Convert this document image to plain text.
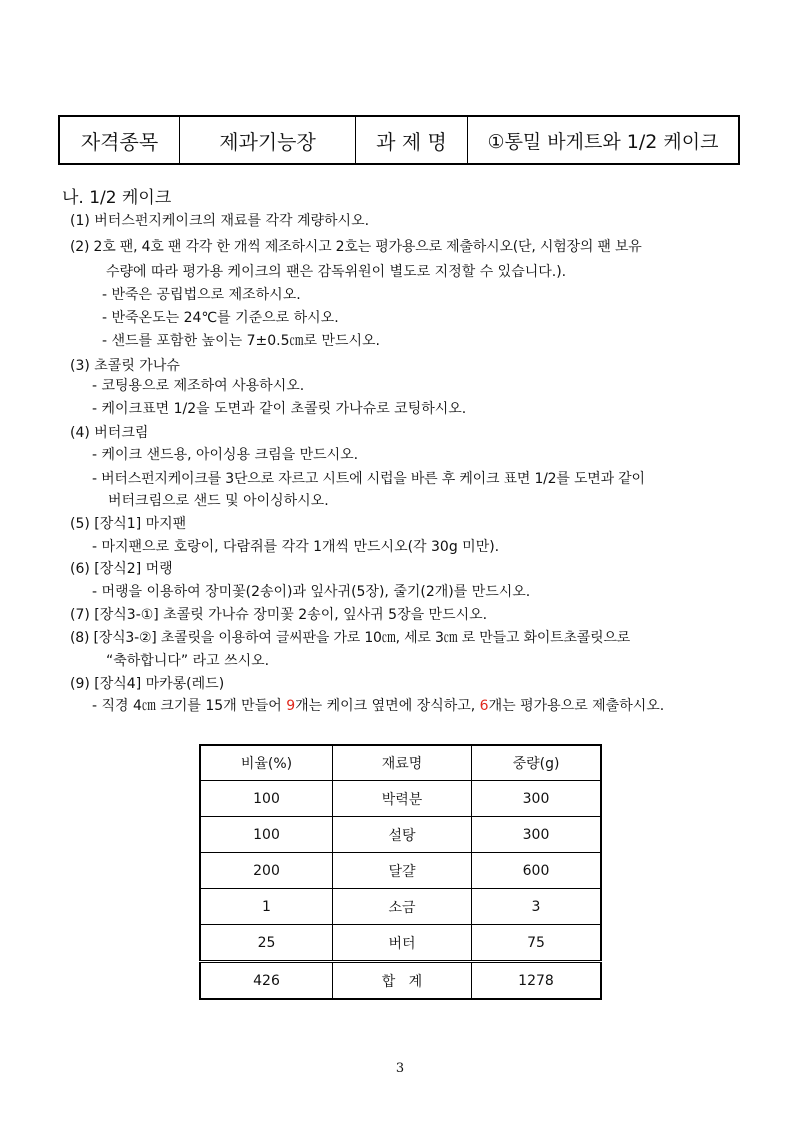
자격종목	제과기능장	과 제 명	①통밀 바게트와 1/2 케이크
나. 1/2 케이크
(1) 버터스펀지케이크의 재료를 각각 계량하시오.
(2) 2호 팬, 4호 팬 각각 한 개씩 제조하시고 2호는 평가용으로 제출하시오(단, 시험장의 팬 보유
수량에 따라 평가용 케이크의 팬은 감독위원이 별도로 지정할 수 있습니다.).
- 반죽은 공립법으로 제조하시오.
- 반죽온도는 24℃를 기준으로 하시오.
- 샌드를 포함한 높이는 7±0.5㎝로 만드시오.
(3) 초콜릿 가나슈
- 코팅용으로 제조하여 사용하시오.
- 케이크표면 1/2을 도면과 같이 초콜릿 가나슈로 코팅하시오.
(4) 버터크림
- 케이크 샌드용, 아이싱용 크림을 만드시오.
- 버터스펀지케이크를 3단으로 자르고 시트에 시럽을 바른 후 케이크 표면 1/2를 도면과 같이
버터크림으로 샌드 및 아이싱하시오.
(5) [장식1] 마지팬
- 마지팬으로 호랑이, 다람쥐를 각각 1개씩 만드시오(각 30g 미만).
(6) [장식2] 머랭
- 머랭을 이용하여 장미꽃(2송이)과 잎사귀(5장), 줄기(2개)를 만드시오.
(7) [장식3-①] 초콜릿 가나슈 장미꽃 2송이, 잎사귀 5장을 만드시오.
(8) [장식3-②] 초콜릿을 이용하여 글씨판을 가로 10㎝, 세로 3㎝ 로 만들고 화이트초콜릿으로
“축하합니다” 라고 쓰시오.
(9) [장식4] 마카롱(레드)
- 직경 4㎝ 크기를 15개 만들어 9개는 케이크 옆면에 장식하고, 6개는 평가용으로 제출하시오.
비율(%)	재료명	중량(g)
100	박력분	300
100	설탕	300
200	달걀	600
1	소금	3
25	버터	75
426	합   계	1278
3
